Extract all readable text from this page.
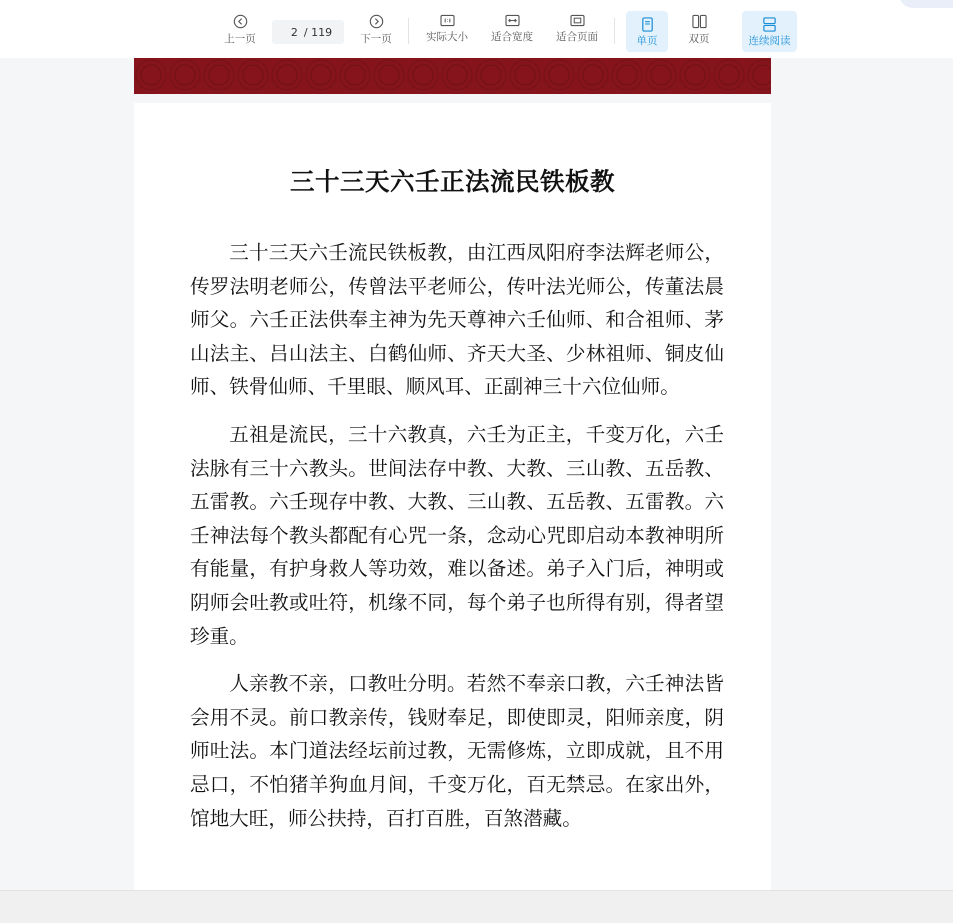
上一页
2
/ 119
下一页	实际大小 适合宽度 适合页面	单页	双页	连续阅读
三十三天六壬正法流民铁板教

三十三天六壬流民铁板教，由江西凤阳府李法辉老师公，传罗法明老师公，传曾法平老师公，传叶法光师公，传董法晨师父。六壬正法供奉主神为先天尊神六壬仙师、和合祖师、茅山法主、吕山法主、白鹤仙师、齐天大圣、少林祖师、铜皮仙师、铁骨仙师、千里眼、顺风耳、正副神三十六位仙师。

五祖是流民，三十六教真，六壬为正主，千变万化，六壬法脉有三十六教头。世间法存中教、大教、三山教、五岳教、五雷教。六壬现存中教、大教、三山教、五岳教、五雷教。六壬神法每个教头都配有心咒一条，念动心咒即启动本教神明所有能量，有护身救人等功效，难以备述。弟子入门后，神明或阴师会吐教或吐符，机缘不同，每个弟子也所得有别，得者望珍重。

人亲教不亲，口教吐分明。若然不奉亲口教，六壬神法皆会用不灵。前口教亲传，钱财奉足，即使即灵，阳师亲度，阴师吐法。本门道法经坛前过教，无需修炼，立即成就，且不用忌口，不怕猪羊狗血月间，千变万化，百无禁忌。在家出外，馆地大旺，师公扶持，百打百胜，百煞潜藏。
